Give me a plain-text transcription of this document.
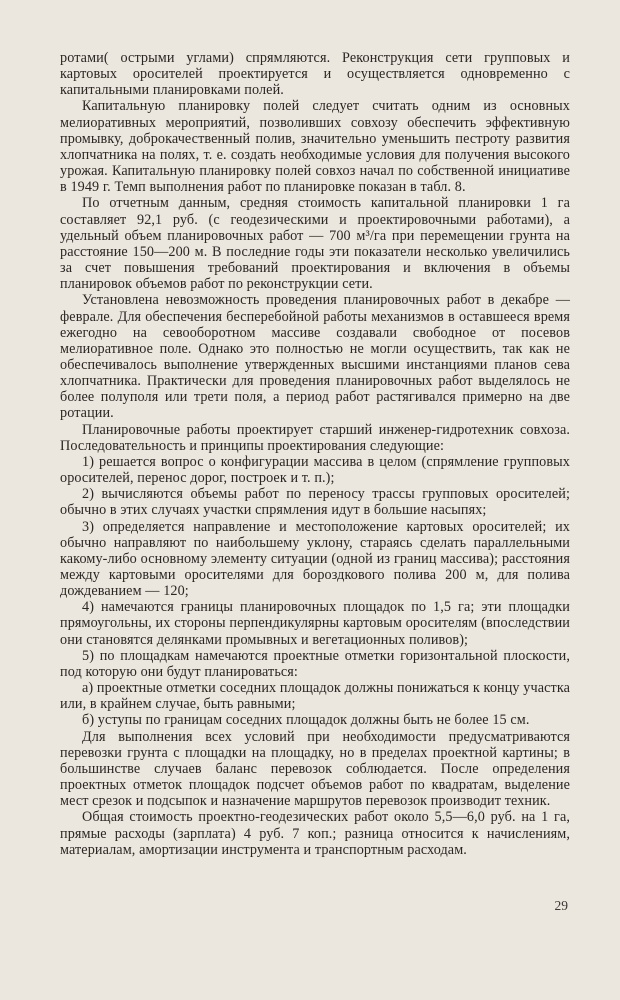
ротами( острыми углами) спрямляются. Реконструкция сети групповых и картовых оросителей проектируется и осуществляется одновременно с капитальными планировками полей.

Капитальную планировку полей следует считать одним из основных мелиоративных мероприятий, позволивших совхозу обеспечить эффективную промывку, доброкачественный полив, значительно уменьшить пестроту развития хлопчатника на полях, т. е. создать необходимые условия для получения высокого урожая. Капитальную планировку полей совхоз начал по собственной инициативе в 1949 г. Темп выполнения работ по планировке показан в табл. 8.

По отчетным данным, средняя стоимость капитальной планировки 1 га составляет 92,1 руб. (с геодезическими и проектировочными работами), а удельный объем планировочных работ — 700 м³/га при перемещении грунта на расстояние 150—200 м. В последние годы эти показатели несколько увеличились за счет повышения требований проектирования и включения в объемы планировок объемов работ по реконструкции сети.

Установлена невозможность проведения планировочных работ в декабре — феврале. Для обеспечения бесперебойной работы механизмов в оставшееся время ежегодно на севооборотном массиве создавали свободное от посевов мелиоративное поле. Однако это полностью не могли осуществить, так как не обеспечивалось выполнение утвержденных высшими инстанциями планов сева хлопчатника. Практически для проведения планировочных работ выделялось не более полуполя или трети поля, а период работ растягивался примерно на две ротации.

Планировочные работы проектирует старший инженер-гидротехник совхоза. Последовательность и принципы проектирования следующие:

1) решается вопрос о конфигурации массива в целом (спрямление групповых оросителей, перенос дорог, построек и т. п.);

2) вычисляются объемы работ по переносу трассы групповых оросителей; обычно в этих случаях участки спрямления идут в большие насыпях;

3) определяется направление и местоположение картовых оросителей; их обычно направляют по наибольшему уклону, стараясь сделать параллельными какому-либо основному элементу ситуации (одной из границ массива); расстояния между картовыми оросителями для бороздкового полива 200 м, для полива дождеванием — 120;

4) намечаются границы планировочных площадок по 1,5 га; эти площадки прямоугольны, их стороны перпендикулярны картовым оросителям (впоследствии они становятся делянками промывных и вегетационных поливов);

5) по площадкам намечаются проектные отметки горизонтальной плоскости, под которую они будут планироваться:

а) проектные отметки соседних площадок должны понижаться к концу участка или, в крайнем случае, быть равными;

б) уступы по границам соседних площадок должны быть не более 15 см.

Для выполнения всех условий при необходимости предусматриваются перевозки грунта с площадки на площадку, но в пределах проектной картины; в большинстве случаев баланс перевозок соблюдается. После определения проектных отметок площадок подсчет объемов работ по квадратам, выделение мест срезок и подсыпок и назначение маршрутов перевозок производит техник.

Общая стоимость проектно-геодезических работ около 5,5—6,0 руб. на 1 га, прямые расходы (зарплата) 4 руб. 7 коп.; разница относится к начислениям, материалам, амортизации инструмента и транспортным расходам.

29
